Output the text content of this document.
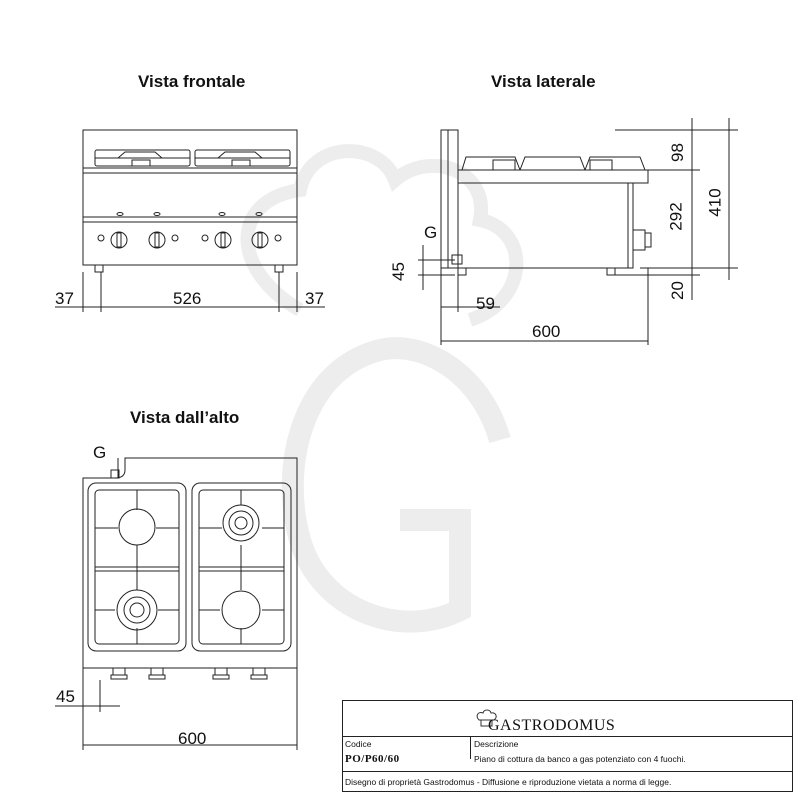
Vista frontale	Vista laterale
Vista dall’alto
37	526	37
G
45
59
600
98
292 410
20
G
45
600
GASTRODOMUS
Codice
PO/P60/60
Descrizione
Piano di cottura da banco a gas potenziato con 4 fuochi.
Disegno di proprietà Gastrodomus - Diffusione e riproduzione vietata a norma di legge.
